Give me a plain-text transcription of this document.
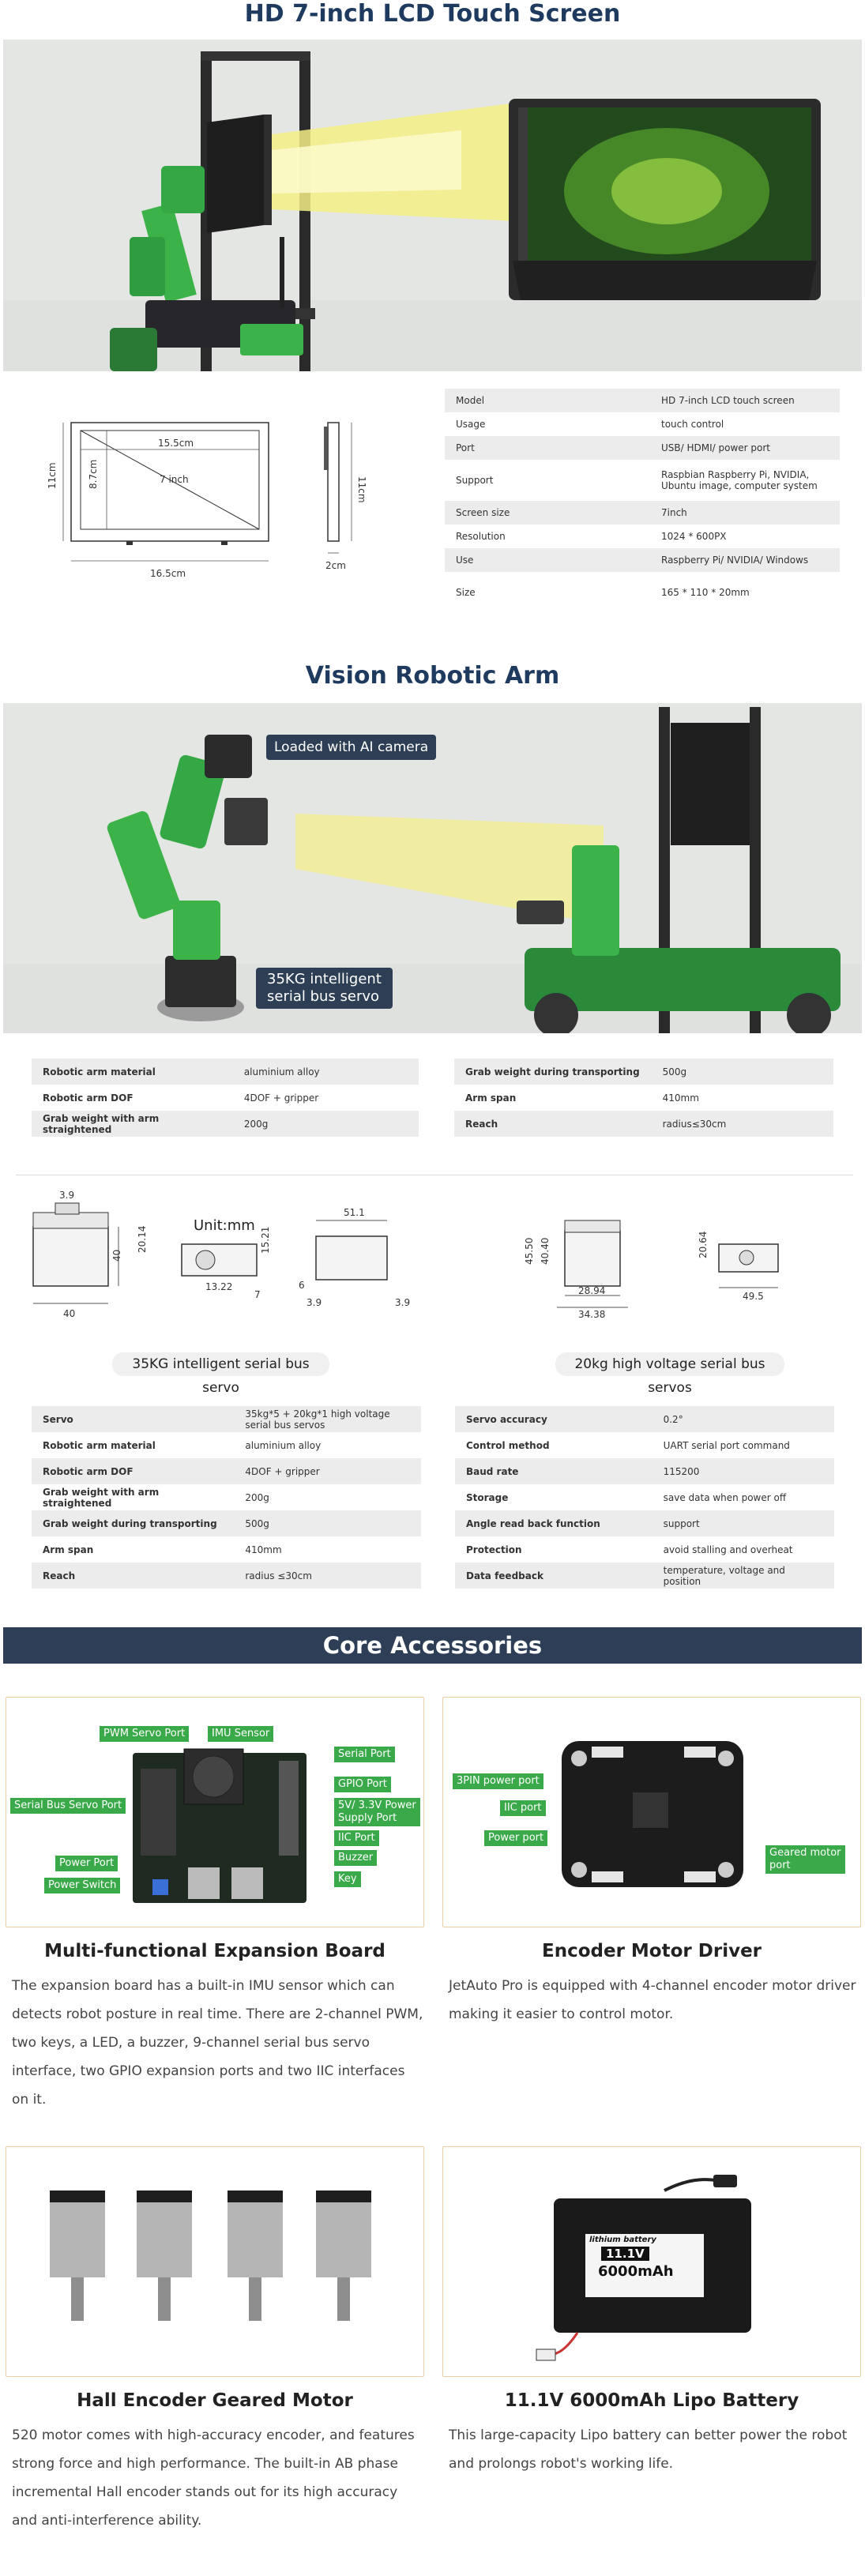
HD 7-inch LCD Touch Screen
15.5cm
8.7cm	7 inch
11cm
16.5cm
11cm
2cm
Model	HD 7-inch LCD touch screen
Usage	touch control
Port	USB/ HDMI/ power port
Support	Raspbian Raspberry Pi, NVIDIA, Ubuntu image, computer system
Screen size	7inch
Resolution	1024 * 600PX
Use	Raspberry Pi/ NVIDIA/ Windows
Size	165 * 110 * 20mm
Vision Robotic Arm
Loaded with AI camera
35KG intelligent
serial bus servo
Robotic arm material	aluminium alloy
Robotic arm DOF	4DOF + gripper
Grab weight with arm straightened	200g
Grab weight during transporting	500g
Arm span	410mm
Reach	radius≤30cm
3.9
40
20.14
40
15.21
13.22
7
51.1
6
3.9	3.9
Unit:mm
45.50 40.40
28.94
34.38
20.64
49.5
35KG intelligent serial bus servo
20kg high voltage serial bus servos
Servo	35kg*5 + 20kg*1 high voltage serial bus servos
Robotic arm material	aluminium alloy
Robotic arm DOF	4DOF + gripper
Grab weight with arm straightened	200g
Grab weight during transporting	500g
Arm span	410mm
Reach	radius ≤30cm
Servo accuracy	0.2°
Control method	UART serial port command
Baud rate	115200
Storage	save data when power off
Angle read back function	support
Protection	avoid stalling and overheat
Data feedback	temperature, voltage and position
Core Accessories
PWM Servo Port	IMU Sensor
Serial Port
GPIO Port
Serial Bus Servo Port	5V/ 3.3V Power
Supply Port
IIC Port
Power Port	Buzzer
Power Switch
Key
Multi-functional Expansion Board
The expansion board has a built-in IMU sensor which can
detects robot posture in real time. There are 2-channel PWM,
two keys, a LED, a buzzer, 9-channel serial bus servo
interface, two GPIO expansion ports and two IIC interfaces
on it.
3PIN power port
IIC port
Power port
Geared motor
port
Encoder Motor Driver
JetAuto Pro is equipped with 4-channel encoder motor driver
making it easier to control motor.
Hall Encoder Geared Motor
520 motor comes with high-accuracy encoder, and features
strong force and high performance. The built-in AB phase
incremental Hall encoder stands out for its high accuracy
and anti-interference ability.
lithium battery
11.1V
6000mAh
11.1V 6000mAh Lipo Battery
This large-capacity Lipo battery can better power the robot
and prolongs robot's working life.
